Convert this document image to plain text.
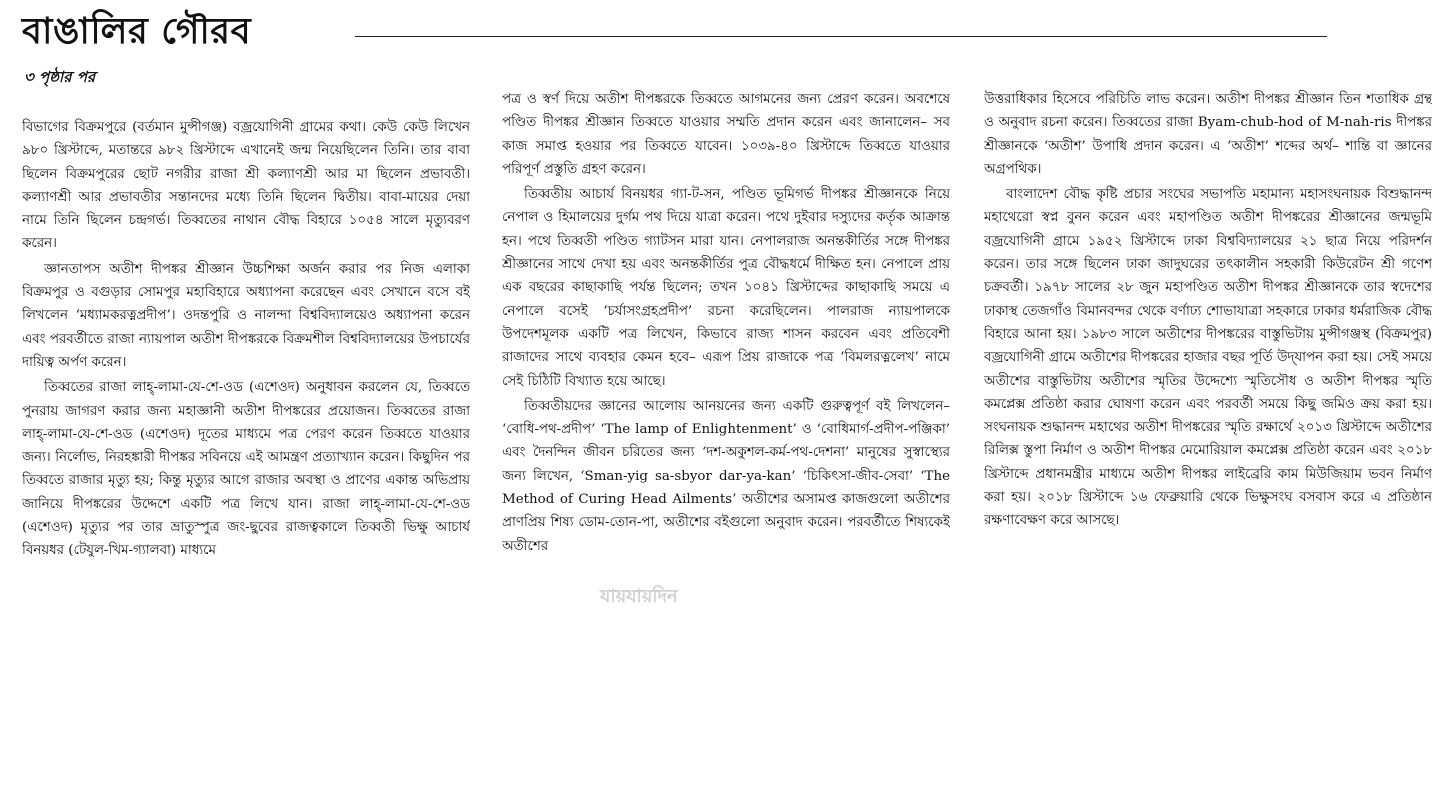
বাঙালির গৌরব
৩ পৃষ্ঠার পর

বিভাগের বিক্রমপুরে (বর্তমান মুন্সীগঞ্জ) বজ্রযোগিনী গ্রামের কথা। কেউ কেউ লিখেন ৯৮০ খ্রিস্টাব্দে, মতান্তরে ৯৮২ খ্রিস্টাব্দে এখানেই জন্ম নিয়েছিলেন তিনি। তার বাবা ছিলেন বিক্রমপুরের ছোট নগরীর রাজা শ্রী কল্যাণশ্রী আর মা ছিলেন প্রভাবতী। কল্যাণশ্রী আর প্রভাবতীর সন্তানদের মধ্যে তিনি ছিলেন দ্বিতীয়। বাবা-মায়ের দেয়া নামে তিনি ছিলেন চন্দ্রগর্ভ। তিব্বতের নাথান বৌদ্ধ বিহারে ১০৫৪ সালে মৃত্যুবরণ করেন।

জ্ঞানতাপস অতীশ দীপঙ্কর শ্রীজ্ঞান উচ্চশিক্ষা অর্জন করার পর নিজ এলাকা বিক্রমপুর ও বগুড়ার সোমপুর মহাবিহারে অধ্যাপনা করেছেন এবং সেখানে বসে বই লিখলেন ‘মধ্যামকরত্নপ্রদীপ’। ওদন্তপুরি ও নালন্দা বিশ্ববিদ্যালয়েও অধ্যাপনা করেন এবং পরবর্তীতে রাজা ন্যায়পাল অতীশ দীপঙ্করকে বিক্রমশীল বিশ্ববিদ্যালয়ের উপচার্যের দায়িত্ব অর্পণ করেন।

তিব্বতের রাজা লাহ্-লামা-যে-শে-ওড (এশেওদ) অনুধাবন করলেন যে, তিব্বতে পুনরায় জাগরণ করার জন্য মহাজ্ঞানী অতীশ দীপঙ্করের প্রয়োজন। তিব্বতের রাজা লাহ্-লামা-যে-শে-ওড (এশেওদ) দূতের মাধ্যমে পত্র পেরণ করেন তিব্বতে যাওয়ার জন্য। নির্লোভ, নিরহঙ্কারী দীপঙ্কর সবিনয়ে এই আমন্ত্রণ প্রত্যাখ্যান করেন। কিছুদিন পর তিব্বতে রাজার মৃত্যু হয়; কিন্তু মৃত্যুর আগে রাজার অবস্থা ও প্রাণের একান্ত অভিপ্রায় জানিয়ে দীপঙ্করের উদ্দেশে একটি পত্র লিখে যান। রাজা লাহ্-লামা-যে-শে-ওড (এশেওদ) মৃত্যুর পর তার ভ্রাতুস্পুত্র জং-ছুবের রাজত্বকালে তিব্বতী ভিক্ষু আচার্য বিনয়ধর (টেযুল-খিম-গ্যালবা) মাধ্যমে

পত্র ও স্বর্ণ দিয়ে অতীশ দীপঙ্করকে তিব্বতে আগমনের জন্য প্রেরণ করেন। অবশেষে পণ্ডিত দীপঙ্কর শ্রীজ্ঞান তিব্বতে যাওয়ার সম্মতি প্রদান করেন এবং জানালেন– সব কাজ সমাপ্ত হওয়ার পর তিব্বতে যাবেন। ১০৩৯-৪০ খ্রিস্টাব্দে তিব্বতে যাওয়ার পরিপূর্ণ প্রস্তুতি গ্রহণ করেন।

তিব্বতীয় আচার্য বিনয়ধর গ্যা-ট-সন, পণ্ডিত ভূমিগর্ভ দীপঙ্কর শ্রীজ্ঞানকে নিয়ে নেপাল ও হিমালয়ের দুর্গম পথ দিয়ে যাত্রা করেন। পথে দুইবার দস্যুদের কর্তৃক আক্রান্ত হন। পথে তিব্বতী পণ্ডিত গ্যাটসন মারা যান। নেপালরাজ অনন্তকীর্তির সঙ্গে দীপঙ্কর শ্রীজ্ঞানের সাথে দেখা হয় এবং অনন্তকীর্তির পুত্র বৌদ্ধধর্মে দীক্ষিত হন। নেপালে প্রায় এক বছরের কাছাকাছি পর্যন্ত ছিলেন; তখন ১০৪১ খ্রিস্টাব্দের কাছাকাছি সময়ে এ নেপালে বসেই ‘চর্যাসংগ্রহপ্রদীপ’ রচনা করেছিলেন। পালরাজ ন্যায়পালকে উপদেশমূলক একটি পত্র লিখেন, কিভাবে রাজ্য শাসন করবেন এবং প্রতিবেশী রাজাদের সাথে ব্যবহার কেমন হবে– এরূপ প্রিয় রাজাকে পত্র ‘বিমলরত্নলেখ’ নামে সেই চিঠিটি বিখ্যাত হয়ে আছে।

তিব্বতীয়দের জ্ঞানের আলোয় আনয়নের জন্য একটি গুরুত্বপূর্ণ বই লিখলেন– ‘বোধি-পথ-প্রদীপ’ ‘The lamp of Enlightenment’ ও ‘বোধিমার্গ-প্রদীপ-পঞ্জিকা’ এবং দৈনন্দিন জীবন চরিতের জন্য ‘দশ-অকুশল-কর্ম-পথ-দেশনা’ মানুষের সুস্বাস্থ্যের জন্য লিখেন, ‘Sman-yig sa-sbyor dar-ya-kan’ ‘চিকিৎসা-জীব-সেবা’ ‘The Method of Curing Head Ailments’ অতীশের অসামপ্ত কাজগুলো অতীশের প্রাণপ্রিয় শিষ্য ডোম-তোন-পা, অতীশের বইগুলো অনুবাদ করেন। পরবর্তীতে শিষ্যকেই অতীশের

উত্তরাধিকার হিসেবে পরিচিতি লাভ করেন। অতীশ দীপঙ্কর শ্রীজ্ঞান তিন শতাধিক গ্রন্থ ও অনুবাদ রচনা করেন। তিব্বতের রাজা Byam-chub-hod of M-nah-ris দীপঙ্কর শ্রীজ্ঞানকে ‘অতীশ’ উপাধি প্রদান করেন। এ ‘অতীশ’ শব্দের অর্থ– শান্তি বা জ্ঞানের অগ্রপথিক।

বাংলাদেশ বৌদ্ধ কৃষ্টি প্রচার সংঘের সভাপতি মহামান্য মহাসংঘনায়ক বিশুদ্ধানন্দ মহাথেরো স্বপ্ন বুনন করেন এবং মহাপণ্ডিত অতীশ দীপঙ্করের শ্রীজ্ঞানের জন্মভূমি বজ্রযোগিনী গ্রামে ১৯৫২ খ্রিস্টাব্দে ঢাকা বিশ্ববিদ্যালয়ের ২১ ছাত্র নিয়ে পরিদর্শন করেন। তার সঙ্গে ছিলেন ঢাকা জাদুঘরের তৎকালীন সহকারী কিউরেটন শ্রী গণেশ চক্রবর্তী। ১৯৭৮ সালের ২৮ জুন মহাপণ্ডিত অতীশ দীপঙ্কর শ্রীজ্ঞানকে তার স্বদেশের ঢাকাস্থ তেজগাঁও বিমানবন্দর থেকে বর্ণাঢ্য শোভাযাত্রা সহকারে ঢাকার ধর্মরাজিক বৌদ্ধ বিহারে আনা হয়। ১৯৮৩ সালে অতীশের দীপঙ্করের বাস্তুভিটায় মুন্সীগঞ্জস্থ (বিক্রমপুর) বজ্রযোগিনী গ্রামে অতীশের দীপঙ্করের হাজার বছর পূর্তি উদ্‌যাপন করা হয়। সেই সময়ে অতীশের বাস্তুভিটায় অতীশের স্মৃতির উদ্দেশ্যে স্মৃতিসৌধ ও অতীশ দীপঙ্কর স্মৃতি কমপ্লেক্স প্রতিষ্ঠা করার ঘোষণা করেন এবং পরবর্তী সময়ে কিছু জমিও ক্রয় করা হয়। সংঘনায়ক শুদ্ধানন্দ মহাথের অতীশ দীপঙ্করের স্মৃতি রক্ষার্থে ২০১৩ খ্রিস্টাব্দে অতীশের রিলিক্স স্তুপা নির্মাণ ও অতীশ দীপঙ্কর মেমোরিয়াল কমপ্লেক্স প্রতিষ্ঠা করেন এবং ২০১৮ খ্রিস্টাব্দে প্রধানমন্ত্রীর মাধ্যমে অতীশ দীপঙ্কর লাইব্রেরি কাম মিউজিয়াম ভবন নির্মাণ করা হয়। ২০১৮ খ্রিস্টাব্দে ১৬ ফেব্রুয়ারি থেকে ভিক্ষুসংঘ বসবাস করে এ প্রতিষ্ঠান রক্ষণাবেক্ষণ করে আসছে।

যায়যায়দিন
